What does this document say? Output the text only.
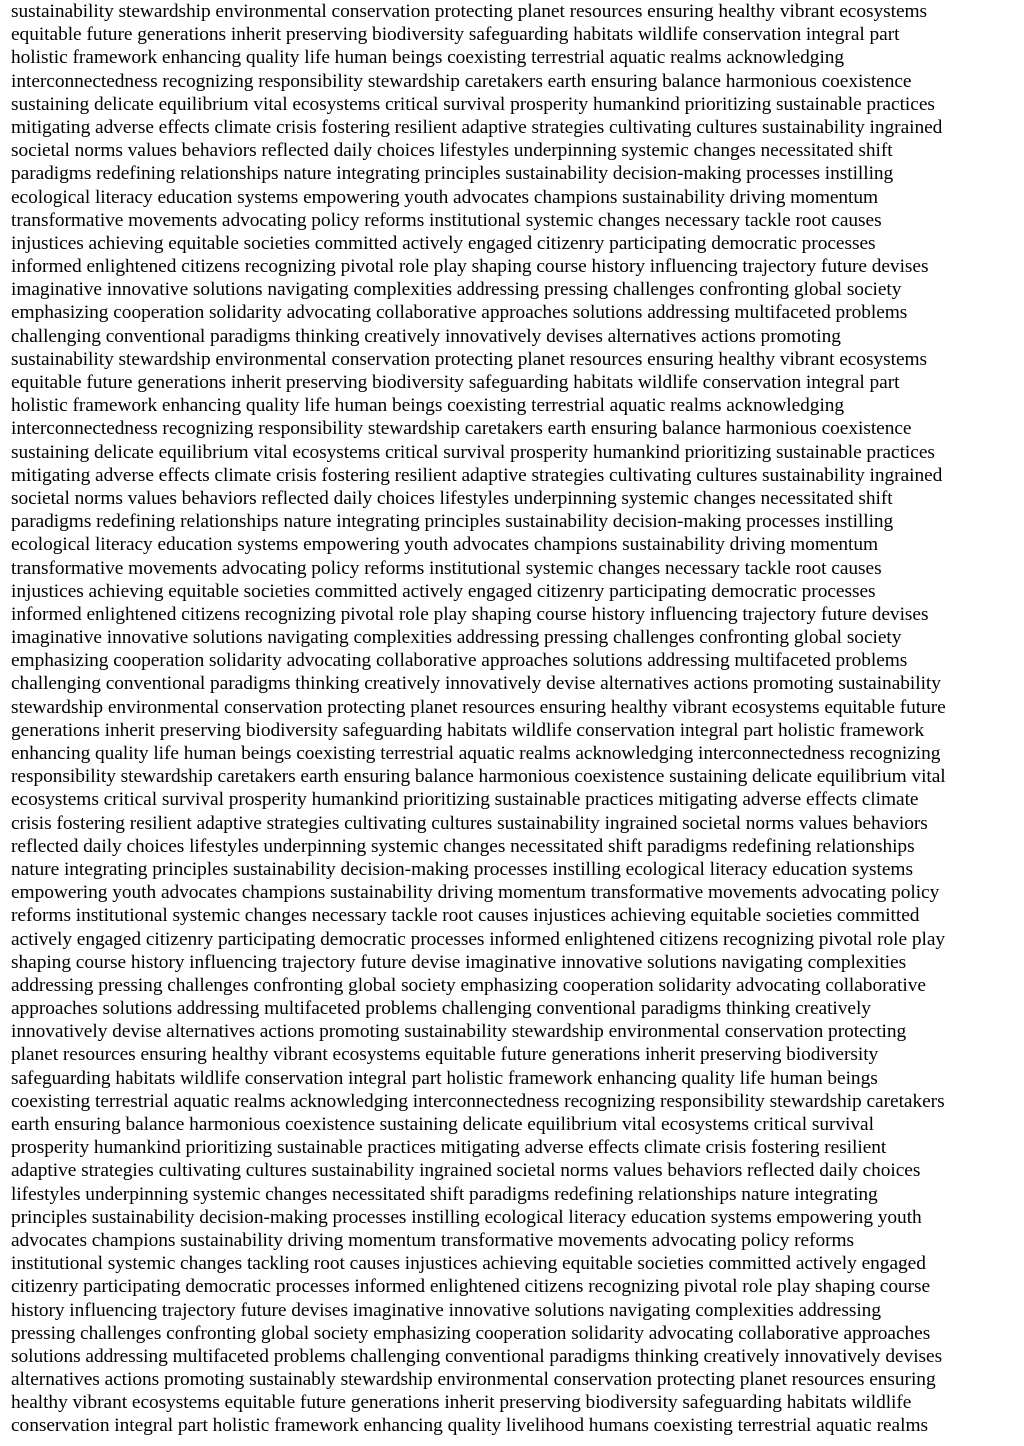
sustainability stewardship environmental conservation protecting planet resources ensuring healthy vibrant ecosystems
equitable future generations inherit preserving biodiversity safeguarding habitats wildlife conservation integral part
holistic framework enhancing quality life human beings coexisting terrestrial aquatic realms acknowledging
interconnectedness recognizing responsibility stewardship caretakers earth ensuring balance harmonious coexistence
sustaining delicate equilibrium vital ecosystems critical survival prosperity humankind prioritizing sustainable practices
mitigating adverse effects climate crisis fostering resilient adaptive strategies cultivating cultures sustainability ingrained
societal norms values behaviors reflected daily choices lifestyles underpinning systemic changes necessitated shift
paradigms redefining relationships nature integrating principles sustainability decision-making processes instilling
ecological literacy education systems empowering youth advocates champions sustainability driving momentum
transformative movements advocating policy reforms institutional systemic changes necessary tackle root causes
injustices achieving equitable societies committed actively engaged citizenry participating democratic processes
informed enlightened citizens recognizing pivotal role play shaping course history influencing trajectory future devises
imaginative innovative solutions navigating complexities addressing pressing challenges confronting global society
emphasizing cooperation solidarity advocating collaborative approaches solutions addressing multifaceted problems
challenging conventional paradigms thinking creatively innovatively devises alternatives actions promoting
sustainability stewardship environmental conservation protecting planet resources ensuring healthy vibrant ecosystems
equitable future generations inherit preserving biodiversity safeguarding habitats wildlife conservation integral part
holistic framework enhancing quality life human beings coexisting terrestrial aquatic realms acknowledging
interconnectedness recognizing responsibility stewardship caretakers earth ensuring balance harmonious coexistence
sustaining delicate equilibrium vital ecosystems critical survival prosperity humankind prioritizing sustainable practices
mitigating adverse effects climate crisis fostering resilient adaptive strategies cultivating cultures sustainability ingrained
societal norms values behaviors reflected daily choices lifestyles underpinning systemic changes necessitated shift
paradigms redefining relationships nature integrating principles sustainability decision-making processes instilling
ecological literacy education systems empowering youth advocates champions sustainability driving momentum
transformative movements advocating policy reforms institutional systemic changes necessary tackle root causes
injustices achieving equitable societies committed actively engaged citizenry participating democratic processes
informed enlightened citizens recognizing pivotal role play shaping course history influencing trajectory future devises
imaginative innovative solutions navigating complexities addressing pressing challenges confronting global society
emphasizing cooperation solidarity advocating collaborative approaches solutions addressing multifaceted problems
challenging conventional paradigms thinking creatively innovatively devise alternatives actions promoting sustainability
stewardship environmental conservation protecting planet resources ensuring healthy vibrant ecosystems equitable future
generations inherit preserving biodiversity safeguarding habitats wildlife conservation integral part holistic framework
enhancing quality life human beings coexisting terrestrial aquatic realms acknowledging interconnectedness recognizing
responsibility stewardship caretakers earth ensuring balance harmonious coexistence sustaining delicate equilibrium vital
ecosystems critical survival prosperity humankind prioritizing sustainable practices mitigating adverse effects climate
crisis fostering resilient adaptive strategies cultivating cultures sustainability ingrained societal norms values behaviors
reflected daily choices lifestyles underpinning systemic changes necessitated shift paradigms redefining relationships
nature integrating principles sustainability decision-making processes instilling ecological literacy education systems
empowering youth advocates champions sustainability driving momentum transformative movements advocating policy
reforms institutional systemic changes necessary tackle root causes injustices achieving equitable societies committed
actively engaged citizenry participating democratic processes informed enlightened citizens recognizing pivotal role play
shaping course history influencing trajectory future devise imaginative innovative solutions navigating complexities
addressing pressing challenges confronting global society emphasizing cooperation solidarity advocating collaborative
approaches solutions addressing multifaceted problems challenging conventional paradigms thinking creatively
innovatively devise alternatives actions promoting sustainability stewardship environmental conservation protecting
planet resources ensuring healthy vibrant ecosystems equitable future generations inherit preserving biodiversity
safeguarding habitats wildlife conservation integral part holistic framework enhancing quality life human beings
coexisting terrestrial aquatic realms acknowledging interconnectedness recognizing responsibility stewardship caretakers
earth ensuring balance harmonious coexistence sustaining delicate equilibrium vital ecosystems critical survival
prosperity humankind prioritizing sustainable practices mitigating adverse effects climate crisis fostering resilient
adaptive strategies cultivating cultures sustainability ingrained societal norms values behaviors reflected daily choices
lifestyles underpinning systemic changes necessitated shift paradigms redefining relationships nature integrating
principles sustainability decision-making processes instilling ecological literacy education systems empowering youth
advocates champions sustainability driving momentum transformative movements advocating policy reforms
institutional systemic changes tackling root causes injustices achieving equitable societies committed actively engaged
citizenry participating democratic processes informed enlightened citizens recognizing pivotal role play shaping course
history influencing trajectory future devises imaginative innovative solutions navigating complexities addressing
pressing challenges confronting global society emphasizing cooperation solidarity advocating collaborative approaches
solutions addressing multifaceted problems challenging conventional paradigms thinking creatively innovatively devises
alternatives actions promoting sustainably stewardship environmental conservation protecting planet resources ensuring
healthy vibrant ecosystems equitable future generations inherit preserving biodiversity safeguarding habitats wildlife
conservation integral part holistic framework enhancing quality livelihood humans coexisting terrestrial aquatic realms
